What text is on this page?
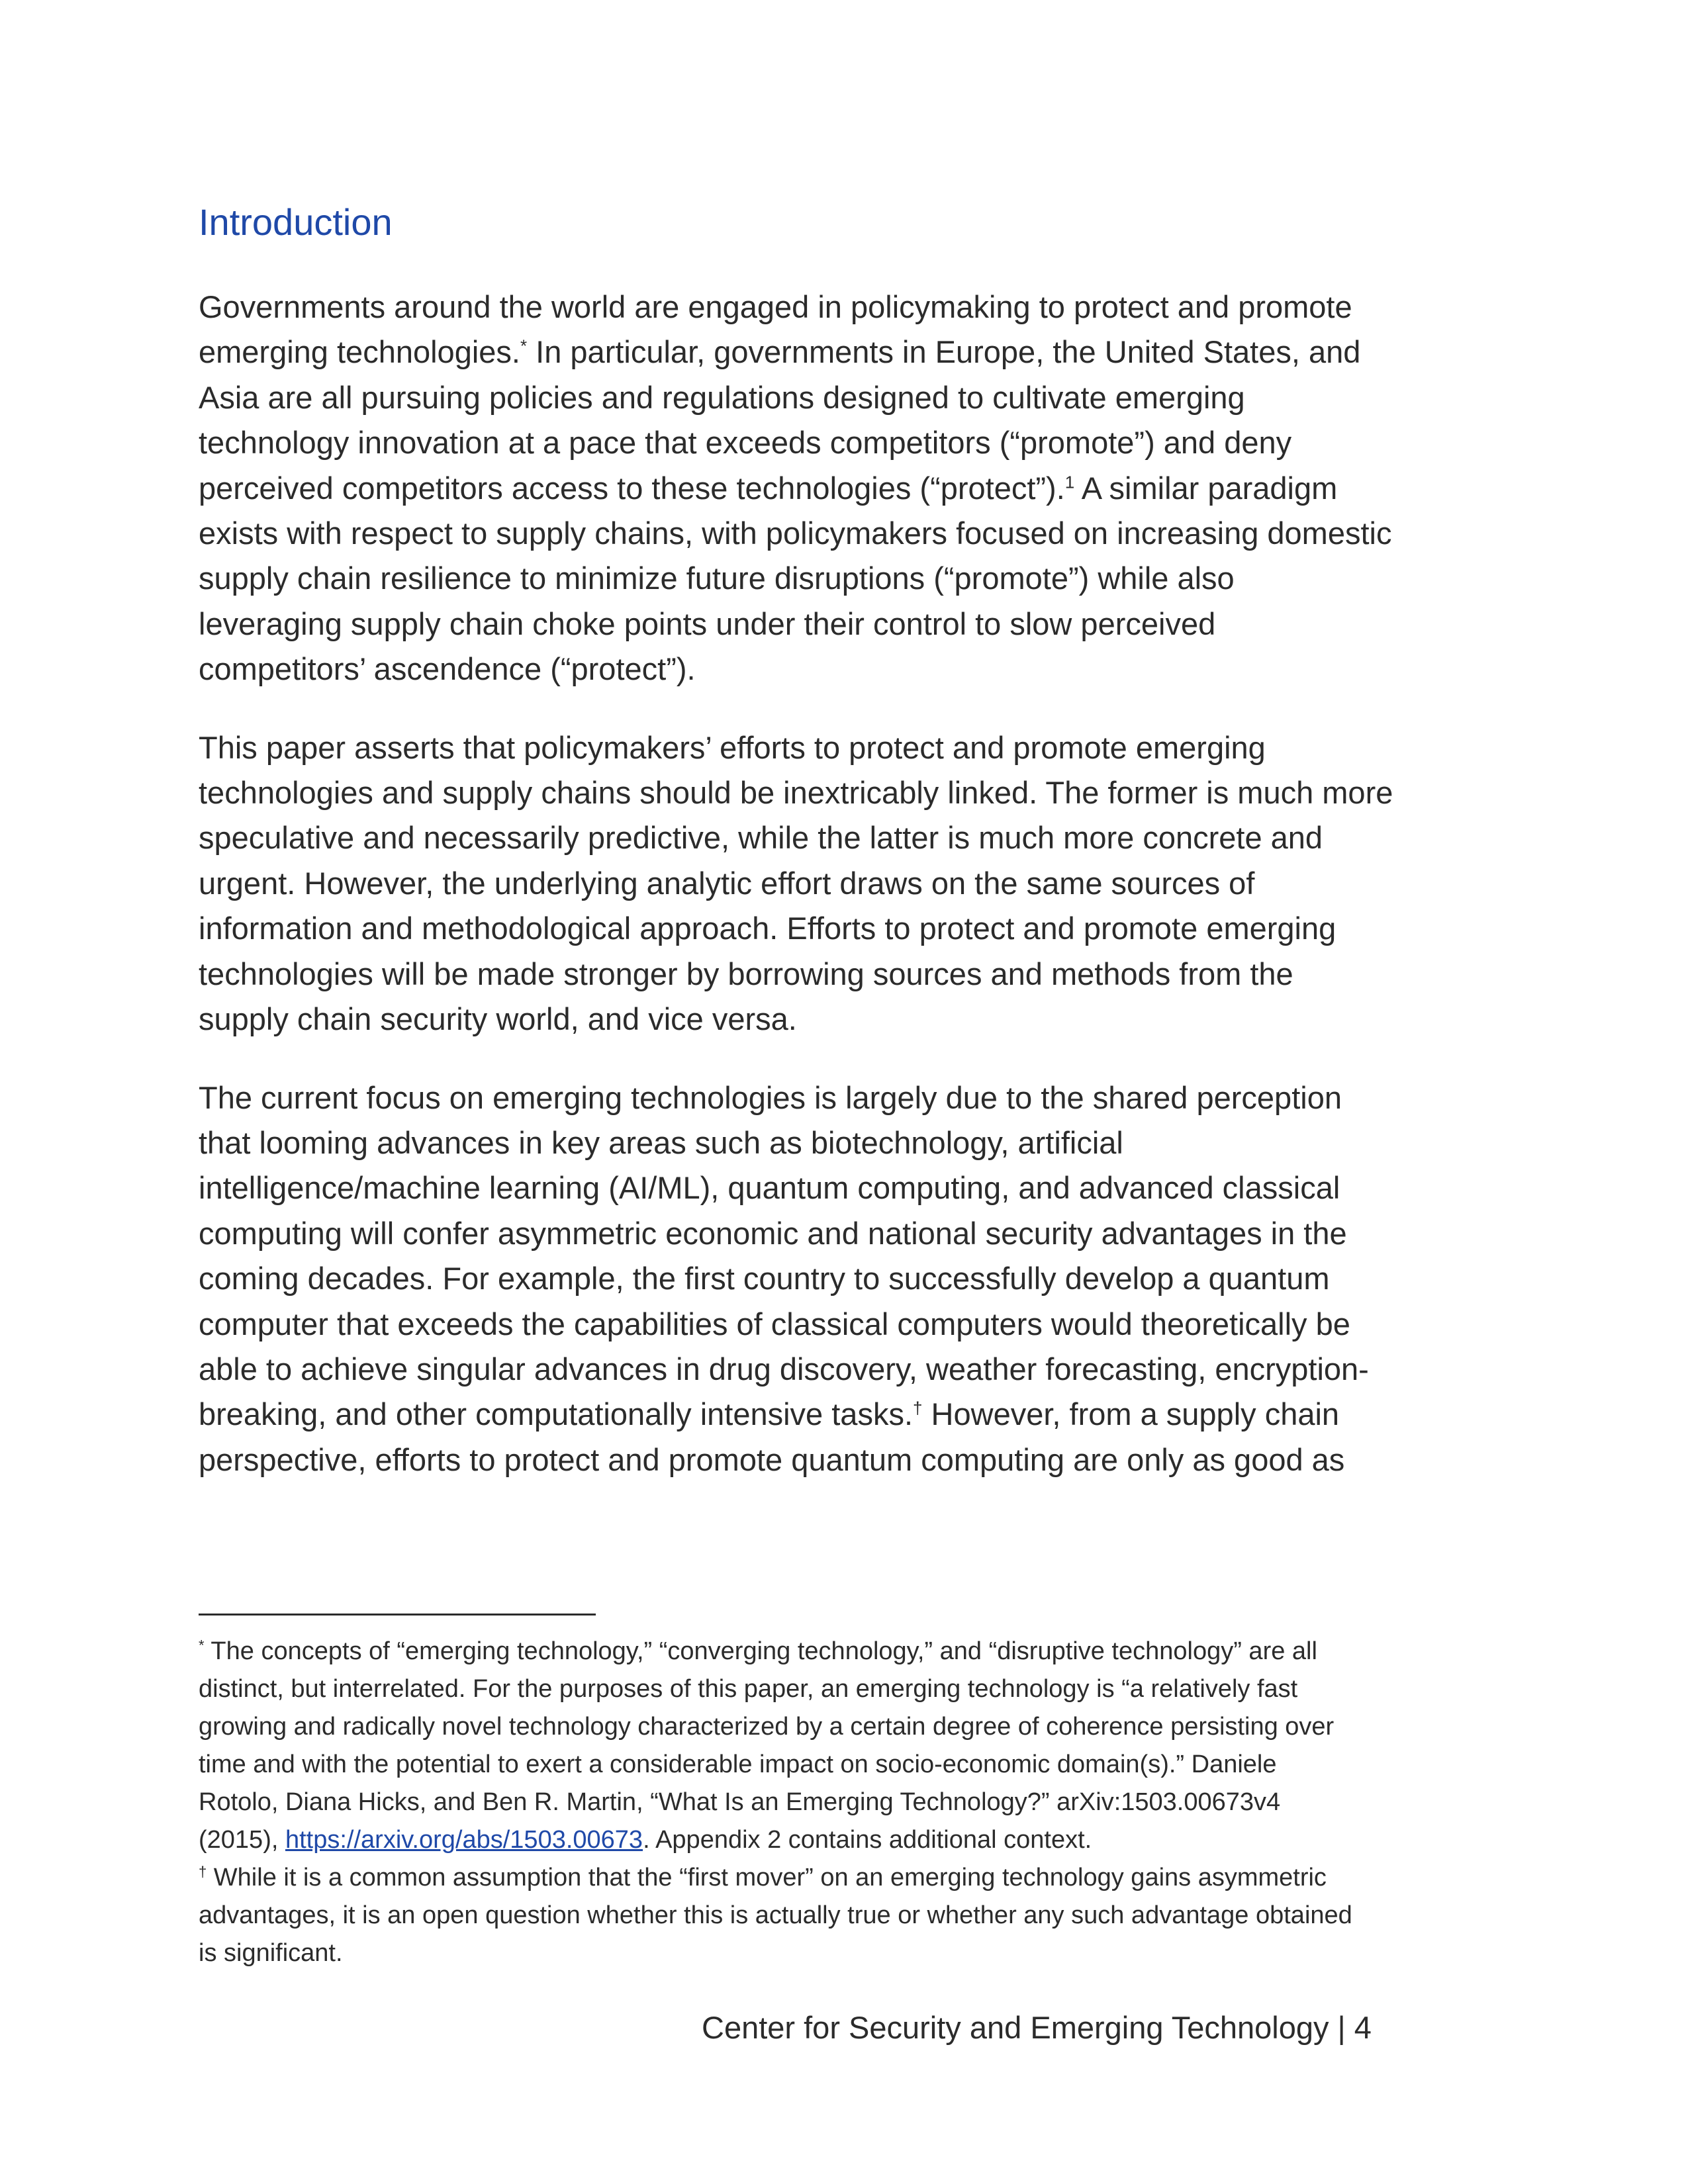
Introduction

Governments around the world are engaged in policymaking to protect and promote
emerging technologies.* In particular, governments in Europe, the United States, and
Asia are all pursuing policies and regulations designed to cultivate emerging
technology innovation at a pace that exceeds competitors (“promote”) and deny
perceived competitors access to these technologies (“protect”).$^1$ A similar paradigm
exists with respect to supply chains, with policymakers focused on increasing domestic
supply chain resilience to minimize future disruptions (“promote”) while also
leveraging supply chain choke points under their control to slow perceived
competitors’ ascendence (“protect”).

This paper asserts that policymakers’ efforts to protect and promote emerging
technologies and supply chains should be inextricably linked. The former is much more
speculative and necessarily predictive, while the latter is much more concrete and
urgent. However, the underlying analytic effort draws on the same sources of
information and methodological approach. Efforts to protect and promote emerging
technologies will be made stronger by borrowing sources and methods from the
supply chain security world, and vice versa.

The current focus on emerging technologies is largely due to the shared perception
that looming advances in key areas such as biotechnology, artificial
intelligence/machine learning (AI/ML), quantum computing, and advanced classical
computing will confer asymmetric economic and national security advantages in the
coming decades. For example, the first country to successfully develop a quantum
computer that exceeds the capabilities of classical computers would theoretically be
able to achieve singular advances in drug discovery, weather forecasting, encryption-
breaking, and other computationally intensive tasks.† However, from a supply chain
perspective, efforts to protect and promote quantum computing are only as good as

* The concepts of “emerging technology,” “converging technology,” and “disruptive technology” are all
distinct, but interrelated. For the purposes of this paper, an emerging technology is “a relatively fast
growing and radically novel technology characterized by a certain degree of coherence persisting over
time and with the potential to exert a considerable impact on socio-economic domain(s).” Daniele
Rotolo, Diana Hicks, and Ben R. Martin, “What Is an Emerging Technology?” arXiv:1503.00673v4
(2015), https://arxiv.org/abs/1503.00673. Appendix 2 contains additional context.

† While it is a common assumption that the “first mover” on an emerging technology gains asymmetric
advantages, it is an open question whether this is actually true or whether any such advantage obtained
is significant.

Center for Security and Emerging Technology | 4
